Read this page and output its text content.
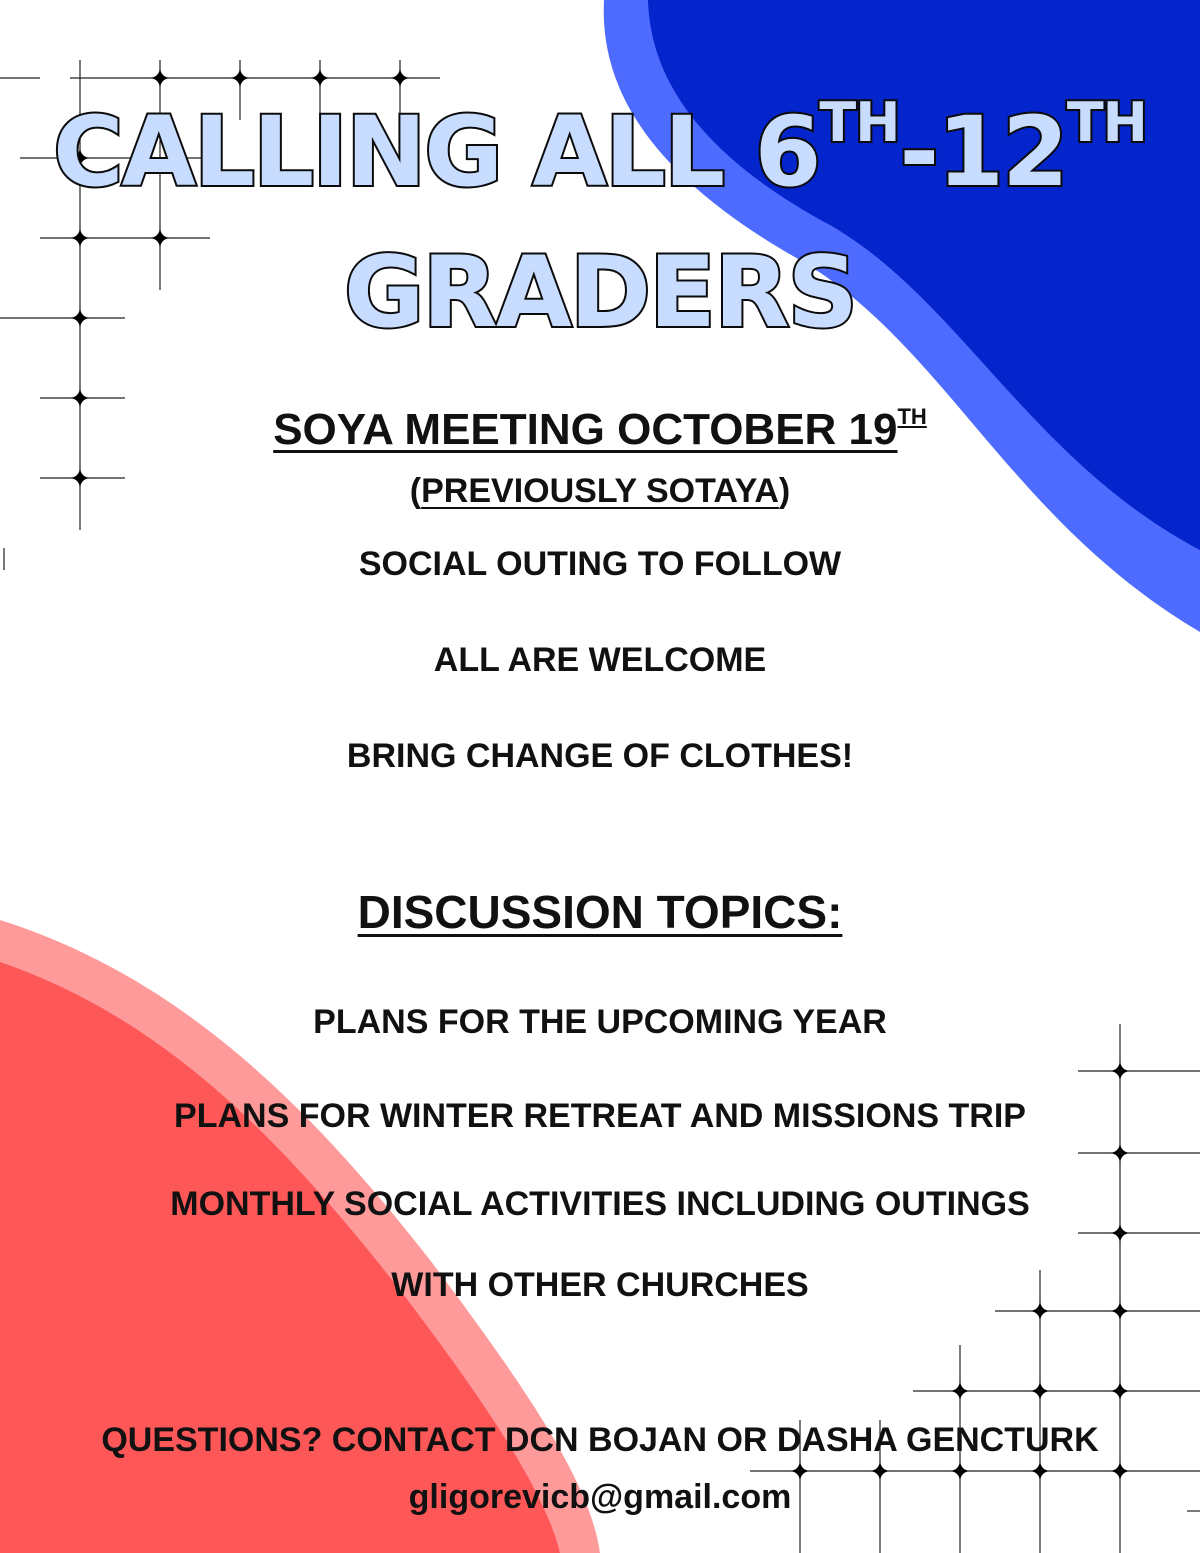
CALLING ALL 6TH-12TH
GRADERS
SOYA MEETING OCTOBER 19TH
(PREVIOUSLY SOTAYA)
SOCIAL OUTING TO FOLLOW
ALL ARE WELCOME
BRING CHANGE OF CLOTHES!
DISCUSSION TOPICS:
PLANS FOR THE UPCOMING YEAR
PLANS FOR WINTER RETREAT AND MISSIONS TRIP
MONTHLY SOCIAL ACTIVITIES INCLUDING OUTINGS
WITH OTHER CHURCHES
QUESTIONS? CONTACT DCN BOJAN OR DASHA GENCTURK
gligorevicb@gmail.com
